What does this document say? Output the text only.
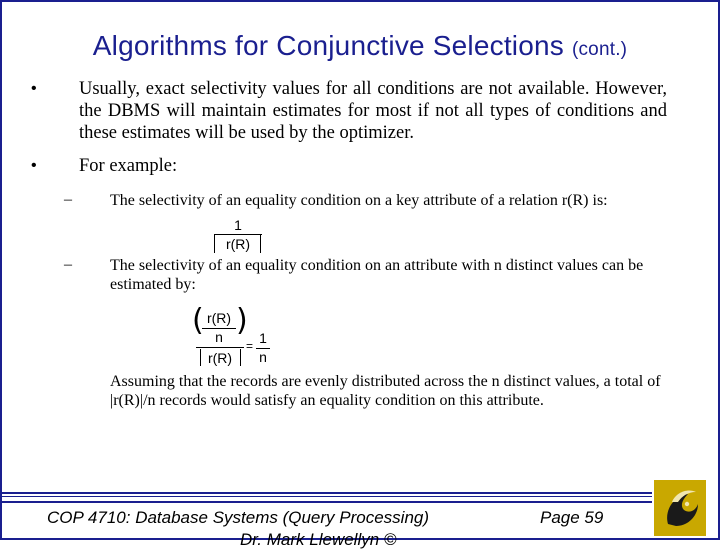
Algorithms for Conjunctive Selections (cont.)
• Usually, exact selectivity values for all conditions are not available. However, the DBMS will maintain estimates for most if not all types of conditions and these estimates will be used by the optimizer.
• For example:
– The selectivity of an equality condition on a key attribute of a relation r(R) is:
$\frac{1}{r(R)}$
– The selectivity of an equality condition on an attribute with n distinct values can be estimated by:
(
$\frac{r(R)}{n}$ )
r(R)
= $\frac{1}{n}$
Assuming that the records are evenly distributed across the n distinct values, a total of |r(R)|/n records would satisfy an equality condition on this attribute.
COP 4710: Database Systems (Query Processing)	Page 59
Dr. Mark Llewellyn ©
